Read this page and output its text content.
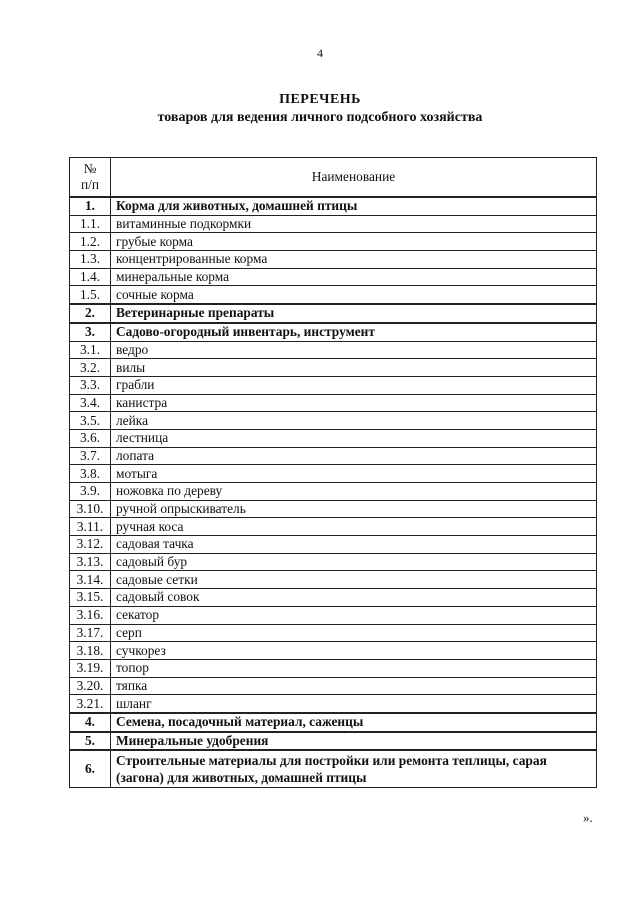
4
ПЕРЕЧЕНЬ
товаров для ведения личного подсобного хозяйства
№
п/п	Наименование
1.	Корма для животных, домашней птицы
1.1.	витаминные подкормки
1.2.	грубые корма
1.3.	концентрированные корма
1.4.	минеральные корма
1.5.	сочные корма
2.	Ветеринарные препараты
3.	Садово-огородный инвентарь, инструмент
3.1.	ведро
3.2.	вилы
3.3.	грабли
3.4.	канистра
3.5.	лейка
3.6.	лестница
3.7.	лопата
3.8.	мотыга
3.9.	ножовка по дереву
3.10.	ручной опрыскиватель
3.11.	ручная коса
3.12.	садовая тачка
3.13.	садовый бур
3.14.	садовые сетки
3.15.	садовый совок
3.16.	секатор
3.17.	серп
3.18.	сучкорез
3.19.	топор
3.20.	тяпка
3.21.	шланг
4.	Семена, посадочный материал, саженцы
5.	Минеральные удобрения
6.	Строительные материалы для постройки или ремонта теплицы, сарая (загона) для животных, домашней птицы
».
